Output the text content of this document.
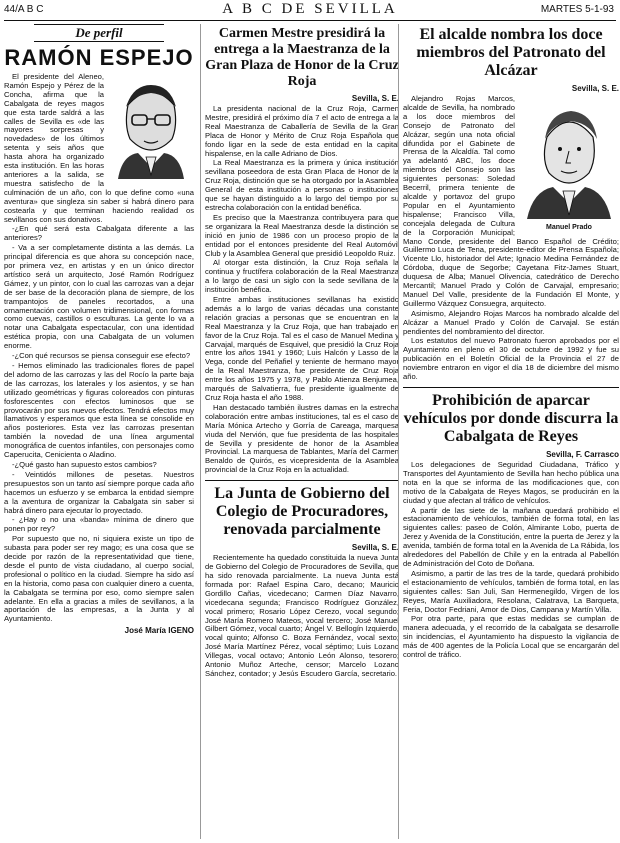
44/A B C	A B C DE SEVILLA	MARTES 5-1-93
De perfil
RAMÓN ESPEJO

El presidente del Aleneo, Ramón Espejo y Pérez de la Concha, afirma que la Cabalgata de reyes magos que esta tarde saldrá a las calles de Sevilla es «de las mayores sorpresas y novedades» de los últimos setenta y seis años que hasta ahora ha organizado esta institución. En las horas anteriores a la salida, se muestra satisfecho de la culminación de un año, con lo que define como «una aventura» que singleza sin saber si habrá dinero para costearla y que terminan haciendo realidad os sevillanos con sus donativos.

-¿En qué será esta Cabalgata diferente a las anteriores?

- Va a ser completamente distinta a las demás. La principal diferencia es que ahora su concepción nace, por primera vez, en artistas y en un único director artístico será un arquitecto, José Ramón Rodríguez Gámez, y un pintor, con lo cual las carrozas van a dejar de ser base de la decoración plana de siempre, de los trampantojos de paneles recortados, a una ornamentación con volumen tridimensional, con formas como cuevas, castillos o esculturas. La gente lo va a notar una Cabalgata espectacular, con una identidad estética propia, con una Cabalgata de un volumen enorme.

-¿Con qué recursos se piensa conseguir ese efecto?

- Hemos eliminado las tradicionales flores de papel del adorno de las carrozas y las del Rocío la parte baja de las carrozas, los laterales y los asientos, y se han utilizado geométricas y figuras coloreados con pinturas fosforescentes con efectos luminosos que se provocarán por sus nuevos efectos. Tendrá efectos muy llamativos y esperamos que esta línea se consolide en años posteriores. Esta vez las carrozas presentan también la novedad de una línea argumental monográfica de cuentos infantiles, con personajes como Caperucita, Cenicienta o Aladino.

-¿Qué gasto han supuesto estos cambios?

- Veintidós millones de pesetas. Nuestros presupuestos son un tanto así siempre porque cada año hacemos un esfuerzo y se embarca la entidad siempre a la aventura de organizar la Cabalgata sin saber si habrá dinero para ejecutar lo proyectado.

- ¿Hay o no una «banda» mínima de dinero que ponen por rey?

Por supuesto que no, ni siquiera existe un tipo de subasta para poder ser rey mago; es una cosa que se decide por razón de la representatividad que tiene, desde el punto de vista ciudadano, al cuerpo social, profesional o político en la ciudad. Siempre ha sido así en la historia, como pasa con cualquier dinero a cuenta, la Cabalgata se termina por eso, como siempre salen adelante. En ella a gracias a miles de sevillanos, a la aportación de las empresas, a la Junta y al Ayuntamiento.

José María IGENO
Carmen Mestre presidirá la entrega a la Maestranza de la Gran Plaza de Honor de la Cruz Roja
Sevilla, S. E.

La presidenta nacional de la Cruz Roja, Carmen Mestre, presidirá el próximo día 7 el acto de entrega a la Real Maestranza de Caballería de Sevilla de la Gran Placa de Honor y Mérito de Cruz Roja Española que fondo ligar en la sede de esta entidad en la capital hispalense, en la calle Adriano de Dios.

La Real Maestranza es la primera y única institución sevillana poseedora de esta Gran Placa de Honor de la Cruz Roja, distinción que se ha otorgado por la Asamblea General de esta institución a personas o instituciones que se hayan distinguido a lo largo del tiempo por su estrecha colaboración con la entidad benéfica.

Es preciso que la Maestranza contribuyera para que se organizara la Real Maestranza desde la distinción se inició en junio de 1986 con un proceso propio de la entidad por el entonces presidente del Real Automóvil Club y la Asamblea General que presidió Leopoldo Ruiz.

Al otorgar esta distinción, la Cruz Roja señala la continua y fructífera colaboración de la Real Maestranza a lo largo de casi un siglo con la sede sevillana de la institución benéfica.

Entre ambas instituciones sevillanas ha existido además a lo largo de varias décadas una constante relación gracias a personas que se encuentran en la Real Maestranza y la Cruz Roja, que han trabajado en favor de la Cruz Roja. Tal es el caso de Manuel Medina y Carvajal, marqués de Esquivel, que presidió la Cruz Roja entre los años 1941 y 1960; Luis Halcón y Lasso de la Vega, conde del Peñafiel y teniente de hermano mayor de la Real Maestranza, fue presidente de Cruz Roja entre los años 1975 y 1978, y Pablo Atienza Benjumea, marqués de Salvatierra, fue presidente igualmente de Cruz Roja hasta el año 1988.

Han destacado también ilustres damas en la estrecha colaboración entre ambas instituciones, tal es el caso de María Mónica Artecho y Gorría de Careaga, marquesa viuda del Nervión, que fue presidenta de las hospitales de Sevilla y presidente de honor de la Asamblea Provincial. La marquesa de Tablantes, María del Carmen Benaldo de Quirós, es vicepresidenta de la Asamblea provincial de la Cruz Roja en la actualidad.

La Junta de Gobierno del Colegio de Procuradores, renovada parcialmente
Sevilla, S. E.

Recientemente ha quedado constituida la nueva Junta de Gobierno del Colegio de Procuradores de Sevilla, que ha sido renovada parcialmente. La nueva Junta está formada por: Rafael Espina Caro, decano; Mauricio Gordillo Cañas, vicedecano; Carmen Díaz Navarro, vicedecana segunda; Francisco Rodríguez González, vocal primero; Rosario López Cerezo, vocal segundo; José María Romero Mateos, vocal tercero; José Manuel Gilbert Gómez, vocal cuarto; Ángel V. Bellogín Izquierdo, vocal quinto; Alfonso C. Boza Fernández, vocal sexto; José María Martínez Pérez, vocal séptimo; Luis Lozano Villegas, vocal octavo; Antonio León Alonso, tesorero; Antonio Muñoz Arteche, censor; Marcelo Lozano Sánchez, contador; y Jesús Escudero García, secretario.

El alcalde nombra los doce miembros del Patronato del Alcázar
Sevilla, S. E.
Manuel Prado

Alejandro Rojas Marcos, alcalde de Sevilla, ha nombrado a los doce miembros del Consejo de Patronato del Alcázar, según una nota oficial difundida por el Gabinete de Prensa de la Alcaldía. Tal como ya adelantó ABC, los doce miembros del Consejo son las siguientes personas: Soledad Becerril, primera teniente de alcalde y portavoz del grupo Popular en el Ayuntamiento hispalense; Francisco Villa, concejala delegada de Cultura de la Corporación Municipal; Mano Conde, presidente del Banco Español de Crédito; Guillermo Luca de Tena, presidente-editor de Prensa Española; Vicente Llo, historiador del Arte; Ignacio Medina Fernández de Córdoba, duque de Segorbe; Cayetana Fitz-James Stuart, duquesa de Alba; Manuel Olivencia, catedrático de Derecho Mercantil; Manuel Prado y Colón de Carvajal, empresario; Manuel Del Valle, presidente de la Fundación El Monte, y Guillermo Vázquez Consuegra, arquitecto.

Asimismo, Alejandro Rojas Marcos ha nombrado alcalde del Alcázar a Manuel Prado y Colón de Carvajal. Se están pendientes del nombramiento del director.

Los estatutos del nuevo Patronato fueron aprobados por el Ayuntamiento en pleno el 30 de octubre de 1992 y fue su publicación en el Boletín Oficial de la Provincia el 27 de noviembre entraron en vigor el día 18 de diciembre del mismo año.

Prohibición de aparcar vehículos por donde discurra la Cabalgata de Reyes
Sevilla, F. Carrasco

Los delegaciones de Seguridad Ciudadana, Tráfico y Transportes del Ayuntamiento de Sevilla han hecho pública una nota en la que se informa de las modificaciones que, con motivo de la Cabalgata de Reyes Magos, se producirán en la ciudad y que afectan al tráfico de vehículos.

A partir de las siete de la mañana quedará prohibido el estacionamiento de vehículos, también de forma total, en las siguientes calles: paseo de Colón, Almirante Lobo, puerta de Jerez y Avenida de la Constitución, entre la puerta de Jerez y la avenida, también de forma total en la Avenida de La Rábida, los alrededores del Pabellón de Chile y en la entrada al Pabellón de Administración del Coto de Doñana.

Asimismo, a partir de las tres de la tarde, quedará prohibido el estacionamiento de vehículos, también de forma total, en las siguientes calles: San Juli, San Hermenegildo, Virgen de los Reyes, María Auxiliadora, Resolana, Calatrava, La Barqueta, Feria, Doctor Fedriani, Amor de Dios, Campana y Martín Villa.

Por otra parte, para que estas medidas se cumplan de manera adecuada, y el recorrido de la cabalgata se desarrolle sin incidencias, el Ayuntamiento ha dispuesto la vigilancia de más de 400 agentes de la Policía Local que se encargarán del control de tráfico.
